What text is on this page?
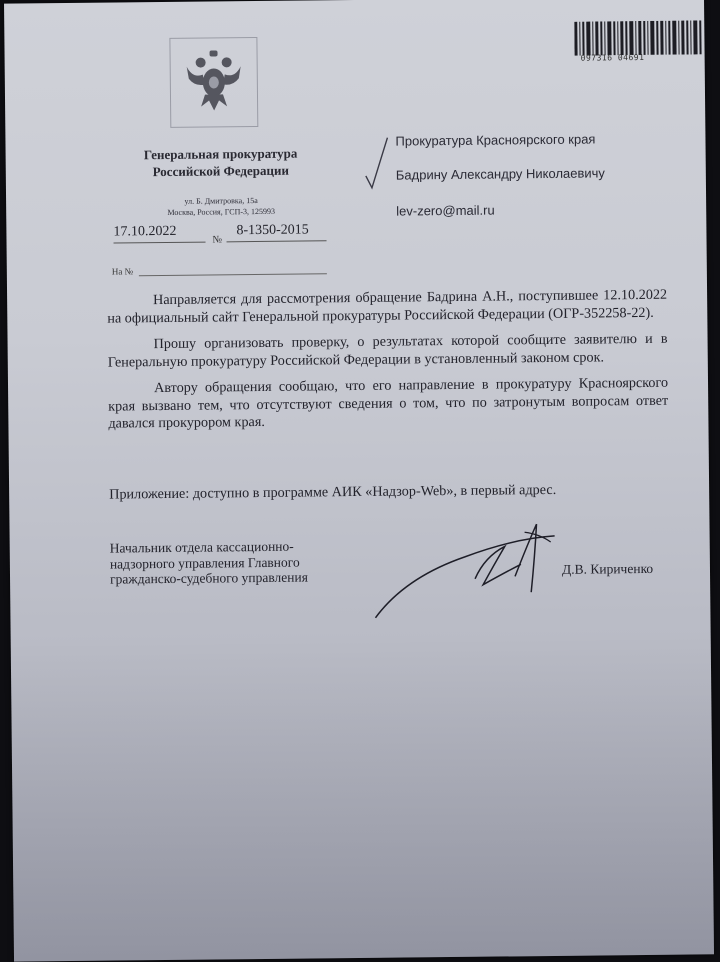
097316 04691
Генеральная прокуратура
Российской Федерации
ул. Б. Дмитровка, 15а
Москва, Россия, ГСП-3, 125993
17.10.2022
№
8-1350-2015
На №
Прокуратура Красноярского края
Бадрину Александру Николаевичу
lev-zero@mail.ru

Направляется для рассмотрения обращение Бадрина А.Н., поступившее 12.10.2022 на официальный сайт Генеральной прокуратуры Российской Федерации (ОГР-352258-22).

Прошу организовать проверку, о результатах которой сообщите заявителю и в Генеральную прокуратуру Российской Федерации в установленный законом срок.

Автору обращения сообщаю, что его направление в прокуратуру Красноярского края вызвано тем, что отсутствуют сведения о том, что по затронутым вопросам ответ давался прокурором края.

Приложение: доступно в программе АИК «Надзор-Web», в первый адрес.
Начальник отдела кассационно-
надзорного управления Главного
гражданско-судебного управления
Д.В. Кириченко
